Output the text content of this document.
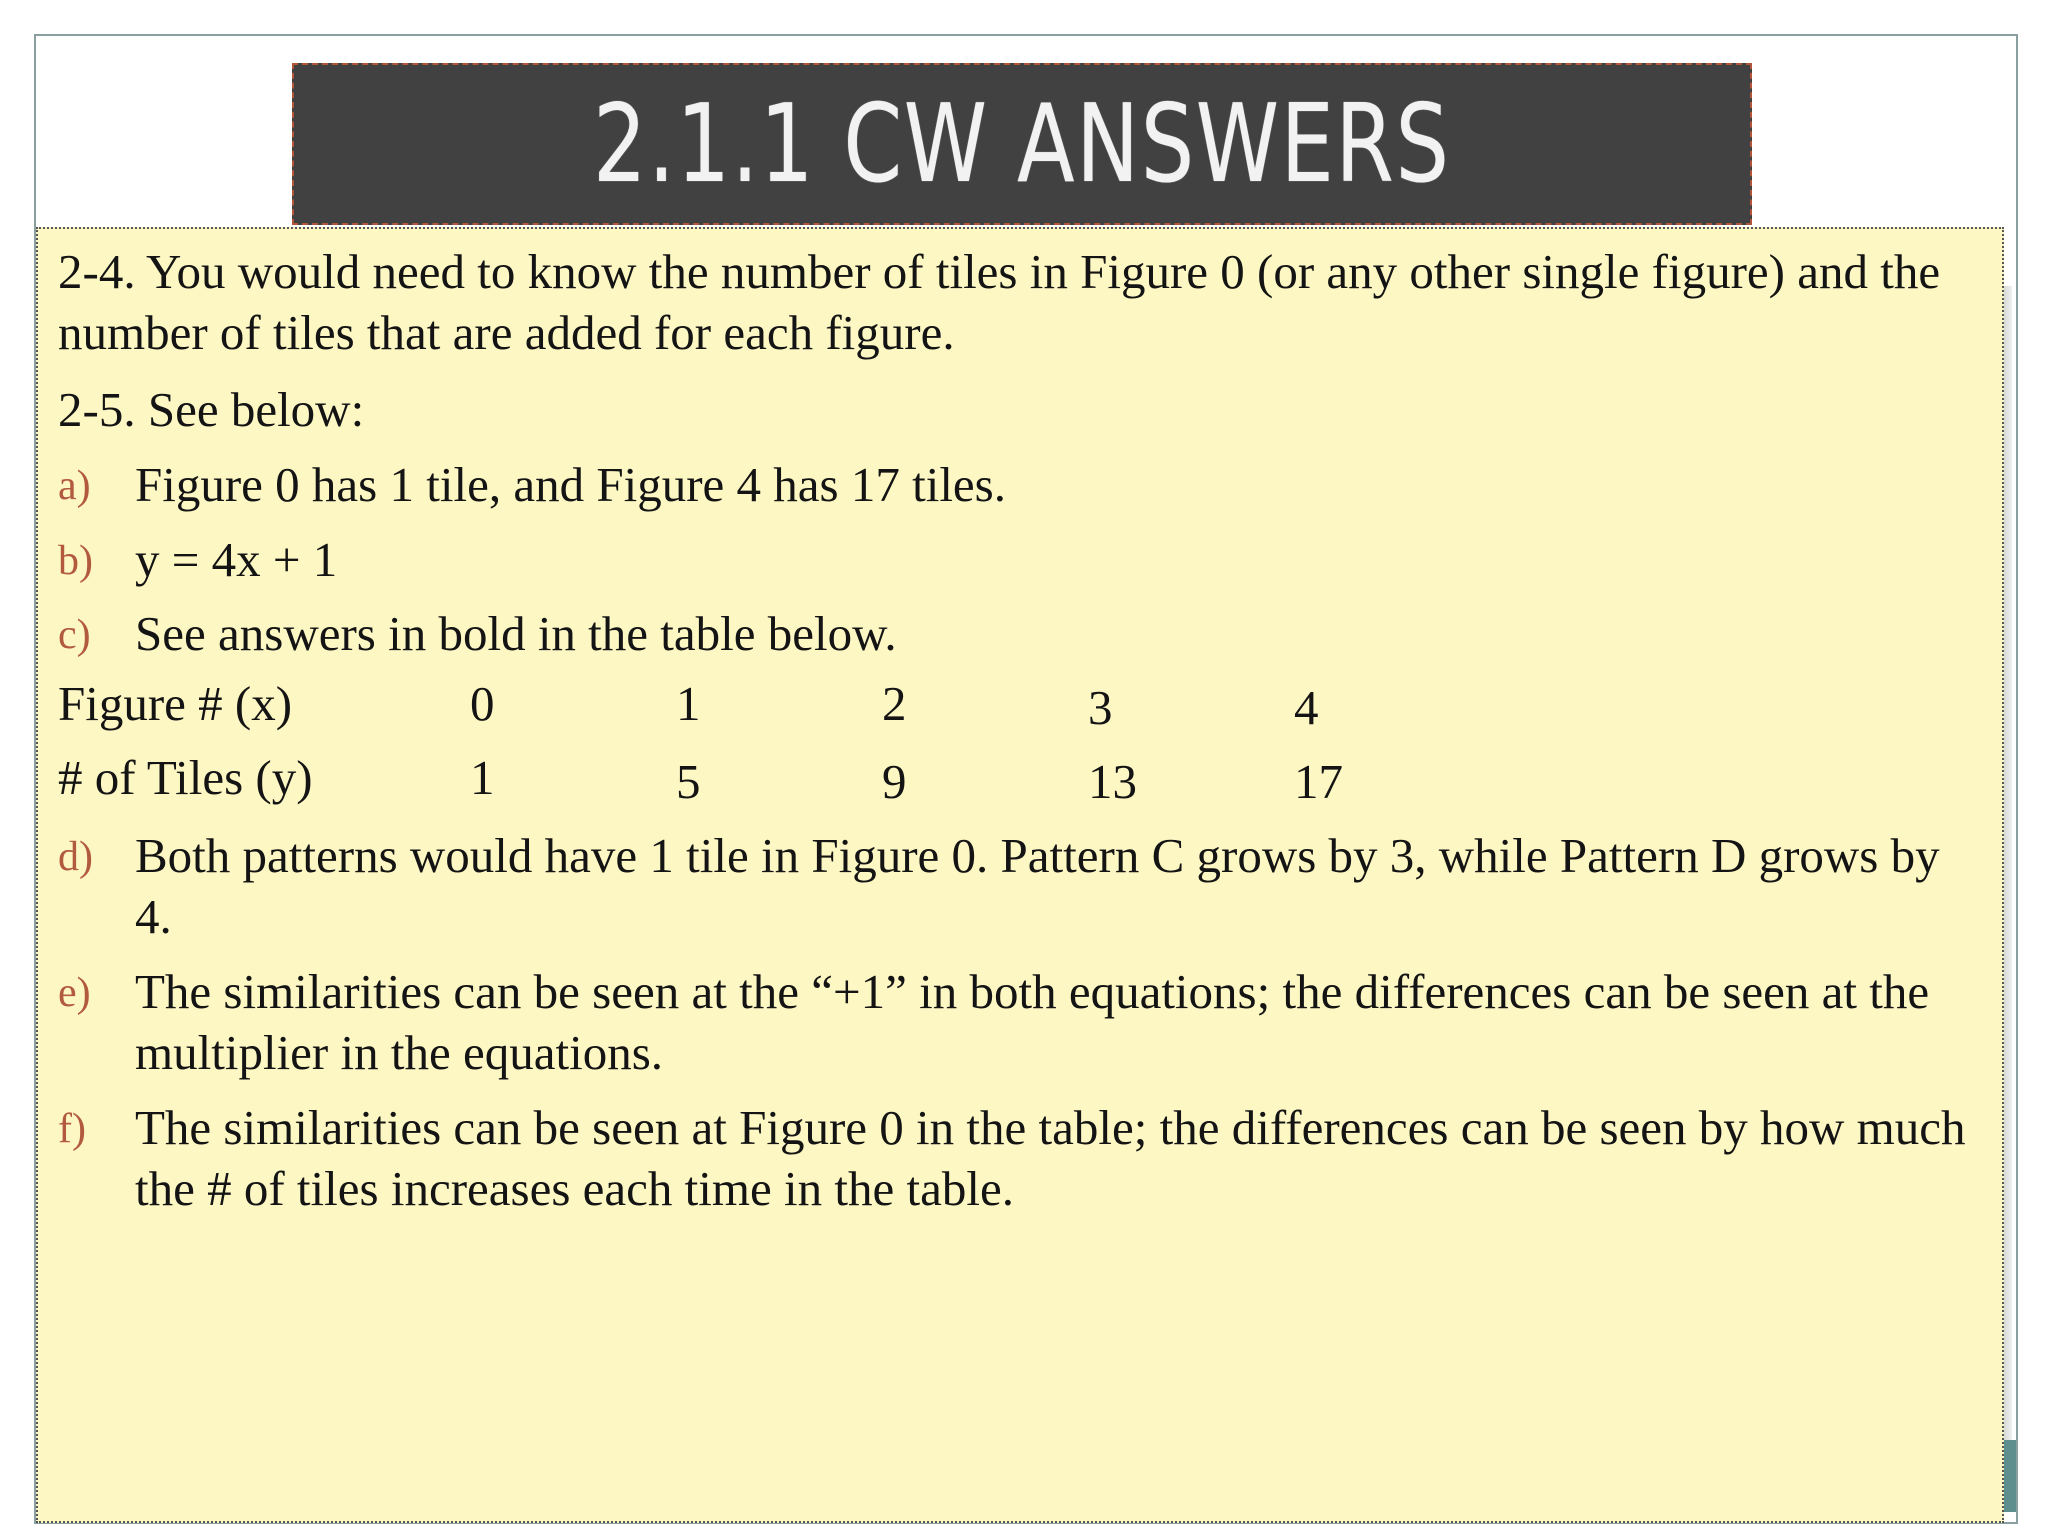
2.1.1 CW ANSWERS
2-4. You would need to know the number of tiles in Figure 0 (or any other single figure) and the number of tiles that are added for each figure.
2-5. See below:
a) Figure 0 has 1 tile, and Figure 4 has 17 tiles.
b) y = 4x + 1
c) See answers in bold in the table below.
Figure # (x)	0	1	2	3	4
# of Tiles (y)	1	5	9	13	17
d) Both patterns would have 1 tile in Figure 0. Pattern C grows by 3, while Pattern D grows by 4.
e) The similarities can be seen at the “+1” in both equations; the differences can be seen at the multiplier in the equations.
f) The similarities can be seen at Figure 0 in the table; the differences can be seen by how much the # of tiles increases each time in the table.
